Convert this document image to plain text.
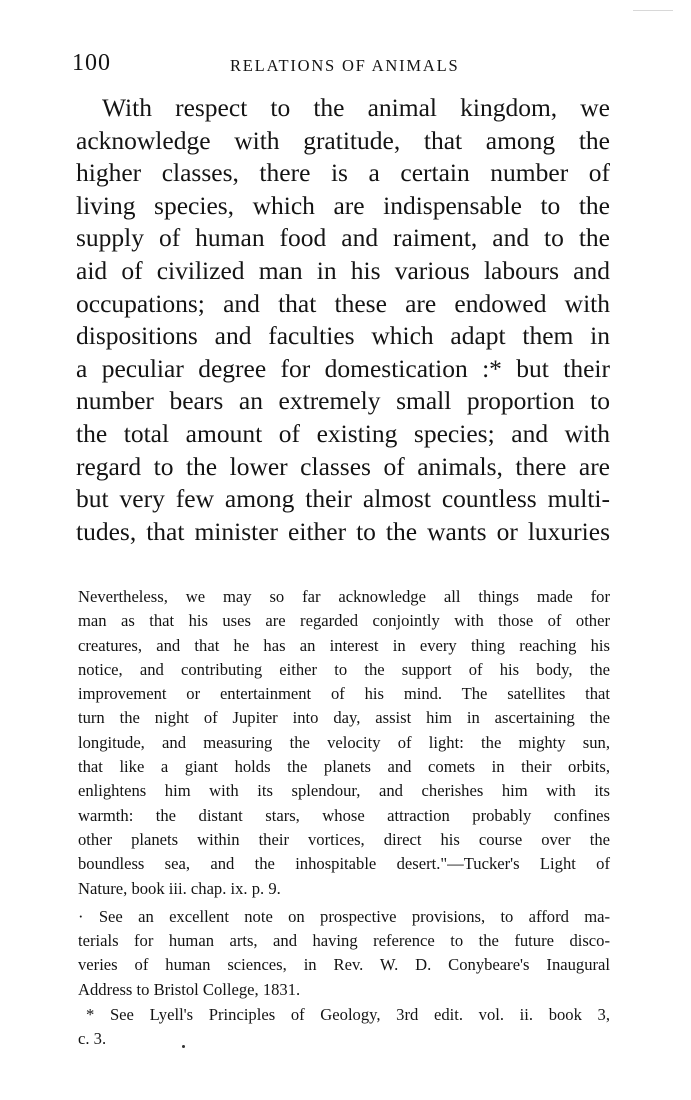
100	RELATIONS OF ANIMALS
With respect to the animal kingdom, we
acknowledge with gratitude, that among the
higher classes, there is a certain number of
living species, which are indispensable to the
supply of human food and raiment, and to the
aid of civilized man in his various labours and
occupations; and that these are endowed with
dispositions and faculties which adapt them in
a peculiar degree for domestication :* but their
number bears an extremely small proportion to
the total amount of existing species; and with
regard to the lower classes of animals, there are
but very few among their almost countless multi-
tudes, that minister either to the wants or luxuries
Nevertheless, we may so far acknowledge all things made for
man as that his uses are regarded conjointly with those of other
creatures, and that he has an interest in every thing reaching his
notice, and contributing either to the support of his body, the
improvement or entertainment of his mind. The satellites that
turn the night of Jupiter into day, assist him in ascertaining the
longitude, and measuring the velocity of light: the mighty sun,
that like a giant holds the planets and comets in their orbits,
enlightens him with its splendour, and cherishes him with its
warmth: the distant stars, whose attraction probably confines
other planets within their vortices, direct his course over the
boundless sea, and the inhospitable desert."—Tucker's Light of
Nature, book iii. chap. ix. p. 9.
· See an excellent note on prospective provisions, to afford ma-
terials for human arts, and having reference to the future disco-
veries of human sciences, in Rev. W. D. Conybeare's Inaugural
Address to Bristol College, 1831.
* See Lyell's Principles of Geology, 3rd edit. vol. ii. book 3,
c. 3.
